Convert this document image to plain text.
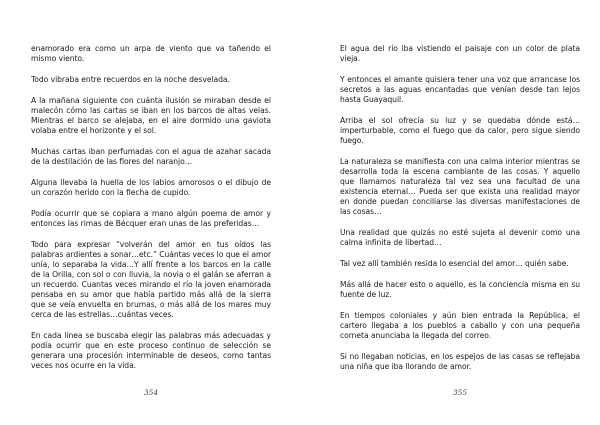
enamorado era como un arpa de viento que va tañendo el mismo viento.

Todo vibraba entre recuerdos en la noche desvelada.

A la mañana siguiente con cuánta ilusión se miraban desde el malecón cómo las cartas se iban en los barcos de altas velas. Mientras el barco se alejaba, en el aire dormido una gaviota volaba entre el horizonte y el sol.

Muchas cartas iban perfumadas con el agua de azahar sacada de la destilación de las flores del naranjo…

Alguna llevaba la huella de los labios amorosos o el dibujo de un corazón herido con la flecha de cupido.

Podía ocurrir que se copiara a mano algún poema de amor y entonces las rimas de Bécquer eran unas de las preferidas…

Todo para expresar “volverán del amor en tus oídos las palabras ardientes a sonar…etc.” Cuántas veces lo que el amor unía, lo separaba la vida…Y allí frente a los barcos en la calle de la Orilla, con sol o con lluvia, la novia o el galán se aferran a un recuerdo. Cuantas veces mirando el río la joven enamorada pensaba en su amor que había partido más allá de la sierra que se veía envuelta en brumas, o más allá de los mares muy cerca de las estrellas…cuántas veces.

En cada línea se buscaba elegir las palabras más adecuadas y podía ocurrir que en este proceso continuo de selección se generara una procesión interminable de deseos, como tantas veces nos ocurre en la vida.

354

El agua del río iba vistiendo el paisaje con un color de plata vieja.

Y entonces el amante quisiera tener una voz que arrancase los secretos a las aguas encantadas que venían desde tan lejos hasta Guayaquil.

Arriba el sol ofrecía su luz y se quedaba dónde está…imperturbable, como el fuego que da calor, pero sigue siendo fuego.

La naturaleza se manifiesta con una calma interior mientras se desarrolla toda la escena cambiante de las cosas. Y aquello que llamamos naturaleza tal vez sea una facultad de una existencia eternal… Pueda ser que exista una realidad mayor en donde puedan conciliarse las diversas manifestaciones de las cosas…

Una realidad que quizás no esté sujeta al devenir como una calma infinita de libertad…

Tal vez allí también resida lo esencial del amor… quién sabe.

Más allá de hacer esto o aquello, es la conciencia misma en su fuente de luz.

En tiempos coloniales y aún bien entrada la República, el cartero llegaba a los pueblos a caballo y con una pequeña corneta anunciaba la llegada del correo.

Si no llegaban noticias, en los espejos de las casas se reflejaba una niña que iba llorando de amor.

355
